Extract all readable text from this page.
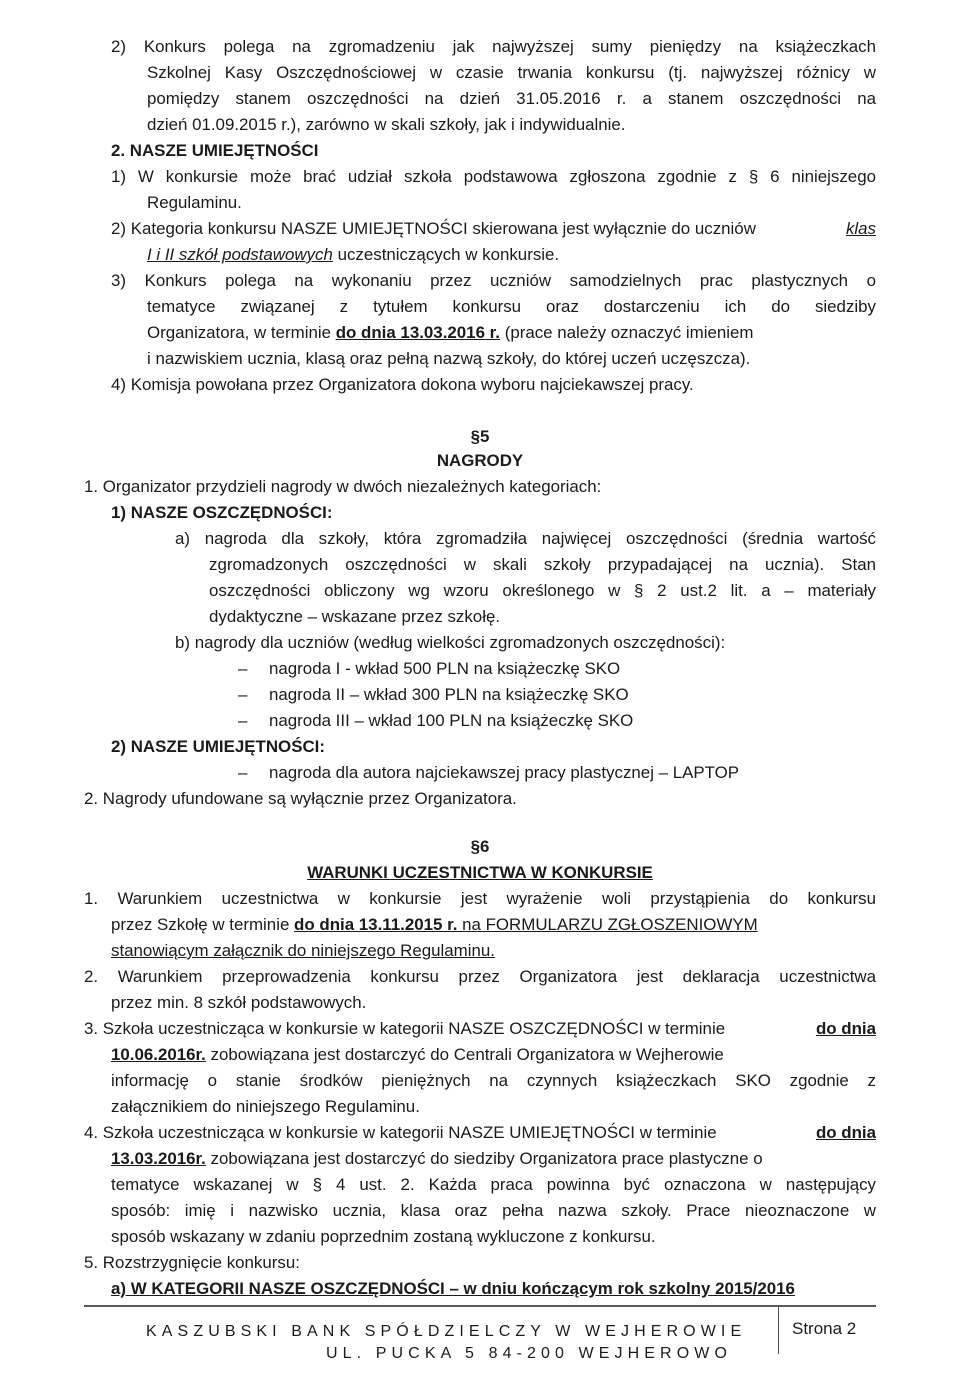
2) Konkurs polega na zgromadzeniu jak najwyższej sumy pieniędzy na książeczkach
Szkolnej Kasy Oszczędnościowej w czasie trwania konkursu (tj. najwyższej różnicy w
pomiędzy stanem oszczędności na dzień 31.05.2016 r. a stanem oszczędności na
dzień 01.09.2015 r.), zarówno w skali szkoły, jak i indywidualnie.
2. NASZE UMIEJĘTNOŚCI
1) W konkursie może brać udział szkoła podstawowa zgłoszona zgodnie z § 6 niniejszego
Regulaminu.
2) Kategoria konkursu NASZE UMIEJĘTNOŚCI skierowana jest wyłącznie do uczniów	klas
I i II szkół podstawowych uczestniczących w konkursie.
3) Konkurs polega na wykonaniu przez uczniów samodzielnych prac plastycznych o
tematyce związanej z tytułem konkursu oraz dostarczeniu ich do siedziby
Organizatora, w terminie do dnia 13.03.2016 r. (prace należy oznaczyć imieniem
i nazwiskiem ucznia, klasą oraz pełną nazwą szkoły, do której uczeń uczęszcza).
4) Komisja powołana przez Organizatora dokona wyboru najciekawszej pracy.
§5
NAGRODY
1. Organizator przydzieli nagrody w dwóch niezależnych kategoriach:
1) NASZE OSZCZĘDNOŚCI:
a) nagroda dla szkoły, która zgromadziła najwięcej oszczędności (średnia wartość
zgromadzonych oszczędności w skali szkoły przypadającej na ucznia). Stan
oszczędności obliczony wg wzoru określonego w § 2 ust.2 lit. a – materiały
dydaktyczne – wskazane przez szkołę.
b) nagrody dla uczniów (według wielkości zgromadzonych oszczędności):
– nagroda I - wkład 500 PLN na książeczkę SKO
– nagroda II – wkład 300 PLN na książeczkę SKO
– nagroda III – wkład 100 PLN na książeczkę SKO
2) NASZE UMIEJĘTNOŚCI:
– nagroda dla autora najciekawszej pracy plastycznej – LAPTOP
2. Nagrody ufundowane są wyłącznie przez Organizatora.
§6
WARUNKI UCZESTNICTWA W KONKURSIE
1. Warunkiem uczestnictwa w konkursie jest wyrażenie woli przystąpienia do konkursu
przez Szkołę w terminie do dnia 13.11.2015 r. na FORMULARZU ZGŁOSZENIOWYM
stanowiącym załącznik do niniejszego Regulaminu.
2. Warunkiem przeprowadzenia konkursu przez Organizatora jest deklaracja uczestnictwa
przez min. 8 szkół podstawowych.
3. Szkoła uczestnicząca w konkursie w kategorii NASZE OSZCZĘDNOŚCI w terminie	do dnia
10.06.2016r. zobowiązana jest dostarczyć do Centrali Organizatora w Wejherowie
informację o stanie środków pieniężnych na czynnych książeczkach SKO zgodnie z
załącznikiem do niniejszego Regulaminu.
4. Szkoła uczestnicząca w konkursie w kategorii NASZE UMIEJĘTNOŚCI w terminie	do dnia
13.03.2016r. zobowiązana jest dostarczyć do siedziby Organizatora prace plastyczne o
tematyce wskazanej w § 4 ust. 2. Każda praca powinna być oznaczona w następujący
sposób: imię i nazwisko ucznia, klasa oraz pełna nazwa szkoły. Prace nieoznaczone w
sposób wskazany w zdaniu poprzednim zostaną wykluczone z konkursu.
5. Rozstrzygnięcie konkursu:
a) W KATEGORII NASZE OSZCZĘDNOŚCI – w dniu kończącym rok szkolny 2015/2016
KASZUBSKI BANK SPÓŁDZIELCZY W WEJHEROWIE
UL. PUCKA 5 84-200 WEJHEROWO
Strona 2
